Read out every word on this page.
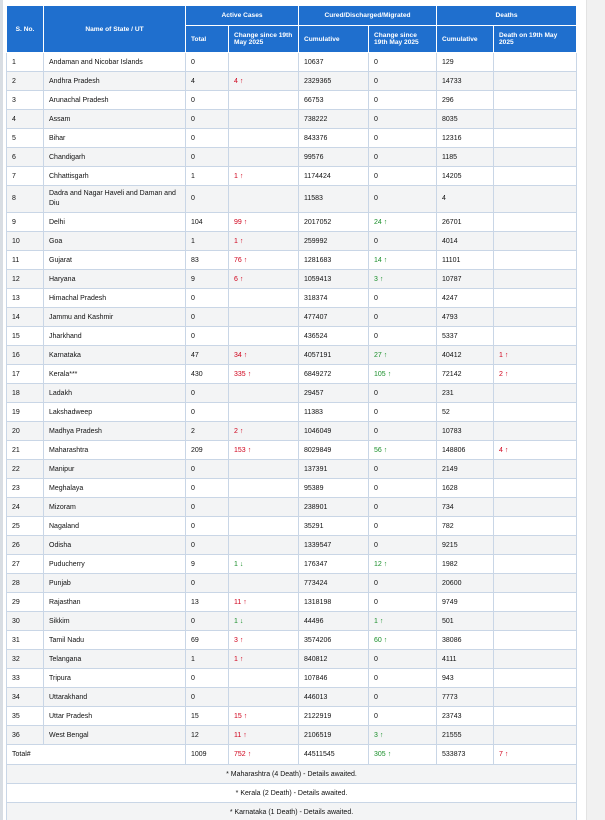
S. No.	Name of State / UT	Active Cases		Cured/Discharged/Migrated		Deaths	
		Total	Change since 19th May 2025	Cumulative	Change since 19th May 2025	Cumulative	Death on 19th May 2025
1	Andaman and Nicobar Islands	0		10637	0	129	
2	Andhra Pradesh	4	4 ↑	2329365	0	14733	
3	Arunachal Pradesh	0		66753	0	296	
4	Assam	0		738222	0	8035	
5	Bihar	0		843376	0	12316	
6	Chandigarh	0		99576	0	1185	
7	Chhattisgarh	1	1 ↑	1174424	0	14205	
8	Dadra and Nagar Haveli and Daman and Diu	0		11583	0	4	
9	Delhi	104	99 ↑	2017052	24 ↑	26701	
10	Goa	1	1 ↑	259992	0	4014	
11	Gujarat	83	76 ↑	1281683	14 ↑	11101	
12	Haryana	9	6 ↑	1059413	3 ↑	10787	
13	Himachal Pradesh	0		318374	0	4247	
14	Jammu and Kashmir	0		477407	0	4793	
15	Jharkhand	0		436524	0	5337	
16	Karnataka	47	34 ↑	4057191	27 ↑	40412	1 ↑
17	Kerala***	430	335 ↑	6849272	105 ↑	72142	2 ↑
18	Ladakh	0		29457	0	231	
19	Lakshadweep	0		11383	0	52	
20	Madhya Pradesh	2	2 ↑	1046049	0	10783	
21	Maharashtra	209	153 ↑	8029849	56 ↑	148806	4 ↑
22	Manipur	0		137391	0	2149	
23	Meghalaya	0		95389	0	1628	
24	Mizoram	0		238901	0	734	
25	Nagaland	0		35291	0	782	
26	Odisha	0		1339547	0	9215	
27	Puducherry	9	1 ↓	176347	12 ↑	1982	
28	Punjab	0		773424	0	20600	
29	Rajasthan	13	11 ↑	1318198	0	9749	
30	Sikkim	0	1 ↓	44496	1 ↑	501	
31	Tamil Nadu	69	3 ↑	3574206	60 ↑	38086	
32	Telangana	1	1 ↑	840812	0	4111	
33	Tripura	0		107846	0	943	
34	Uttarakhand	0		446013	0	7773	
35	Uttar Pradesh	15	15 ↑	2122919	0	23743	
36	West Bengal	12	11 ↑	2106519	3 ↑	21555	
Total#		1009	752 ↑	44511545	305 ↑	533873	7 ↑
* Maharashtra (4 Death) - Details awaited.							
* Kerala (2 Death) - Details awaited.							
* Karnataka (1 Death) - Details awaited.							
